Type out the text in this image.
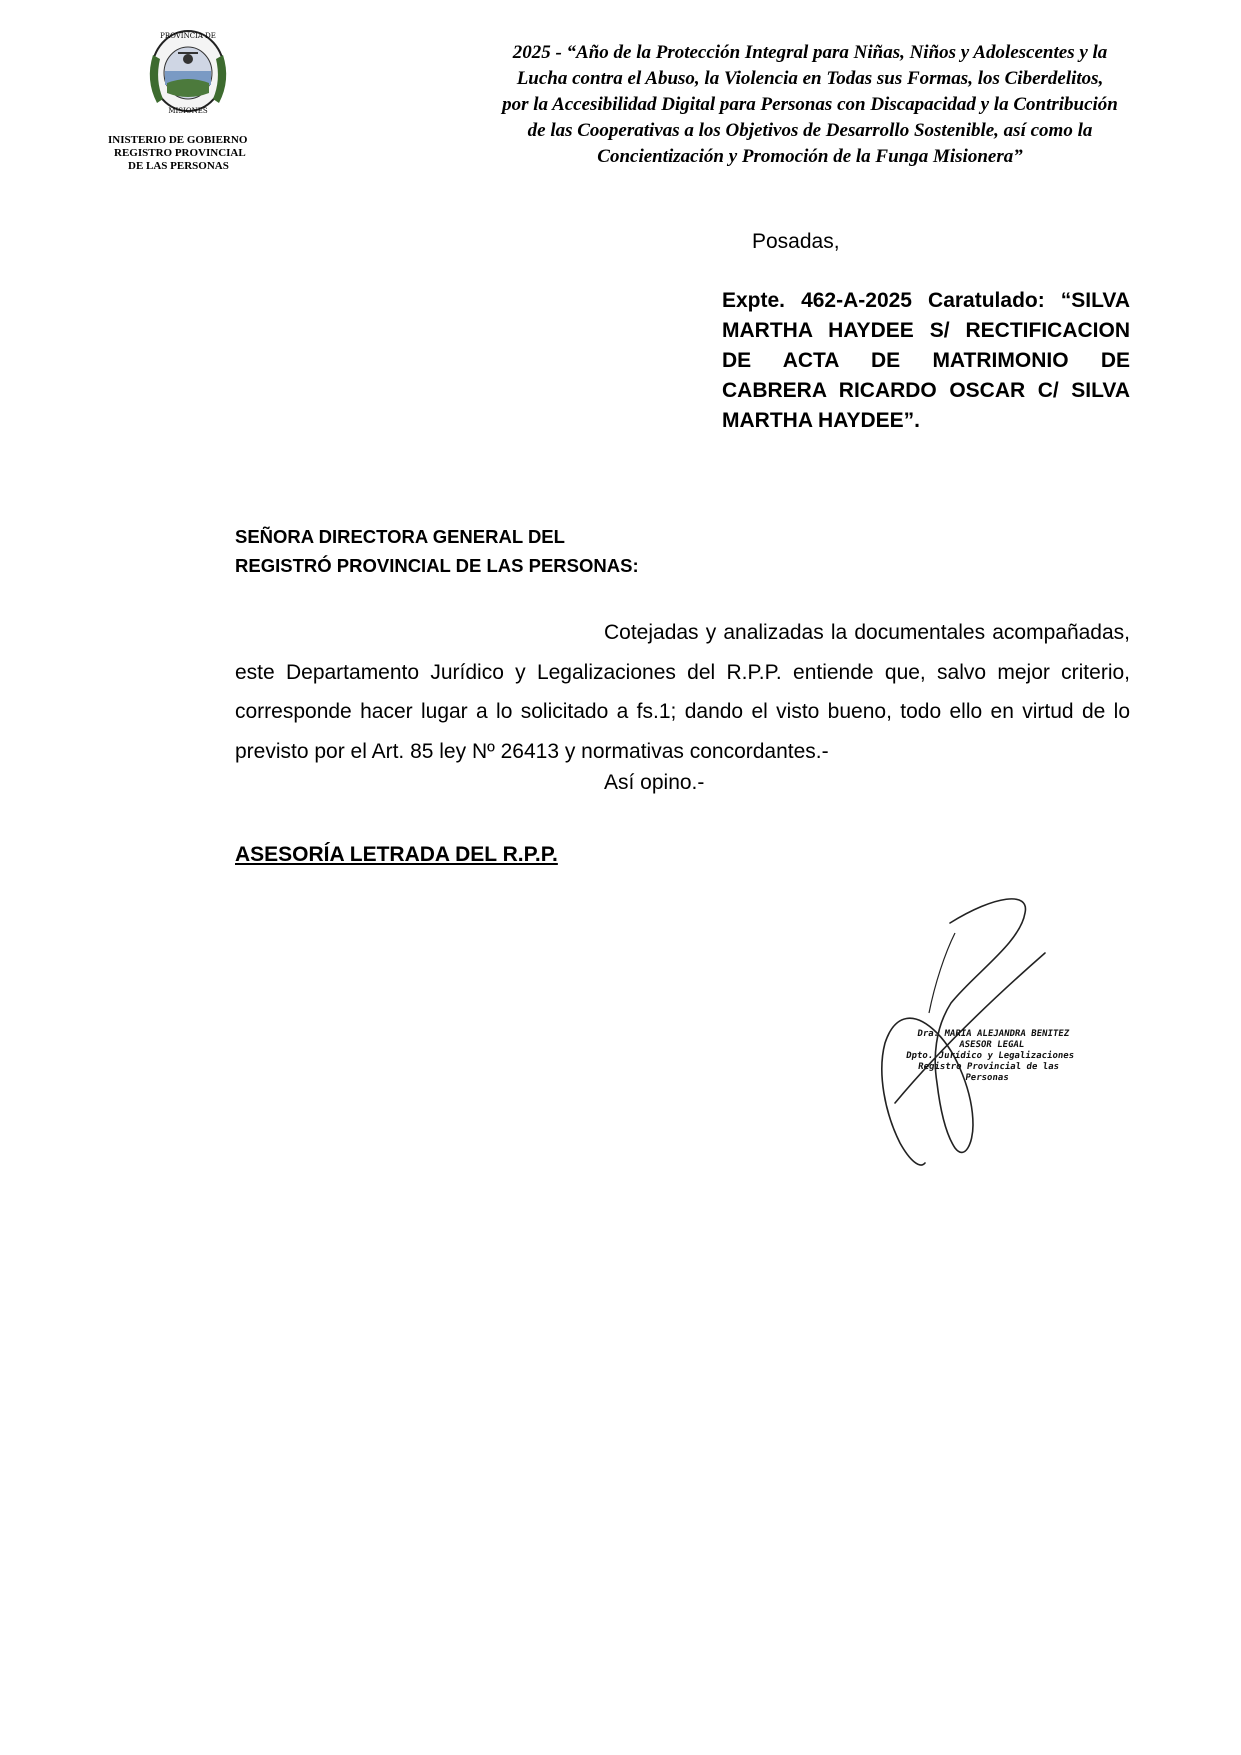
PROVINCIA DE
MISIONES
INISTERIO DE GOBIERNO
REGISTRO PROVINCIAL
DE LAS PERSONAS
2025 - “Año de la Protección Integral para Niñas, Niños y Adolescentes y la
Lucha contra el Abuso, la Violencia en Todas sus Formas, los Ciberdelitos,
por la Accesibilidad Digital para Personas con Discapacidad y la Contribución
de las Cooperativas a los Objetivos de Desarrollo Sostenible, así como la
Concientización y Promoción de la Funga Misionera”
Posadas,
Expte. 462-A-2025 Caratulado: “SILVA MARTHA HAYDEE S/ RECTIFICACION DE ACTA DE MATRIMONIO DE CABRERA RICARDO OSCAR C/ SILVA MARTHA HAYDEE”.
SEÑORA DIRECTORA GENERAL DEL
REGISTRÓ PROVINCIAL DE LAS PERSONAS:

Cotejadas y analizadas la documentales acompañadas, este Departamento Jurídico y Legalizaciones del R.P.P. entiende que, salvo mejor criterio, corresponde hacer lugar a lo solicitado a fs.1; dando el visto bueno, todo ello en virtud de lo previsto por el Art. 85 ley Nº 26413 y normativas concordantes.-

Así opino.-
ASESORÍA LETRADA DEL R.P.P.
Dra. MARIA ALEJANDRA BENITEZ
ASESOR LEGAL
Dpto. Jurídico y Legalizaciones
Registro Provincial de las Personas
